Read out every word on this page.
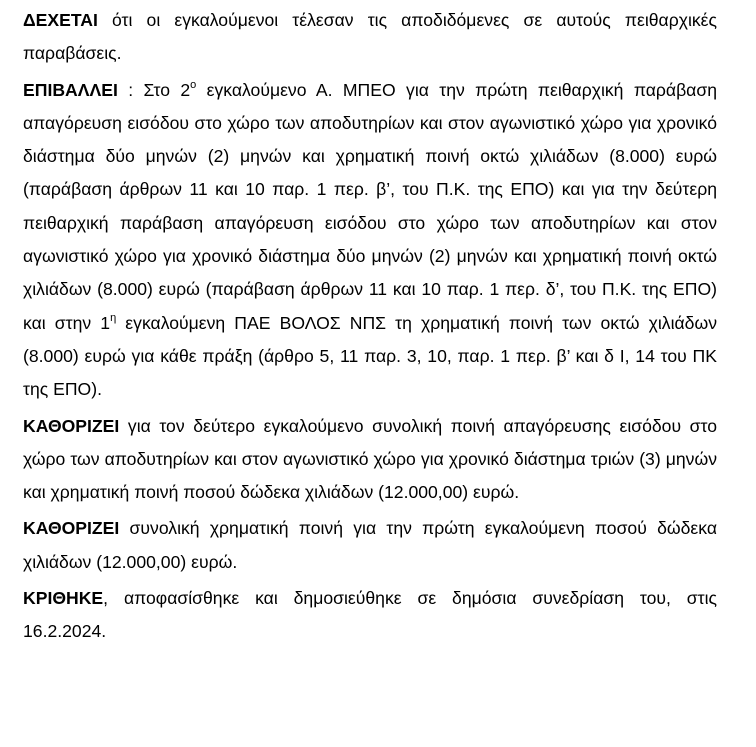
ΔΕΧΕΤΑΙ ότι οι εγκαλούμενοι τέλεσαν τις αποδιδόμενες σε αυτούς πειθαρχικές παραβάσεις.

ΕΠΙΒΑΛΛΕΙ : Στο $2^o$ εγκαλούμενο Α. ΜΠΕΟ για την πρώτη πειθαρχική παράβαση απαγόρευση εισόδου στο χώρο των αποδυτηρίων και στον αγωνιστικό χώρο για χρονικό διάστημα δύο μηνών (2) μηνών και χρηματική ποινή οκτώ χιλιάδων (8.000) ευρώ (παράβαση άρθρων 11 και 10 παρ. 1 περ. β’, του Π.Κ. της ΕΠΟ) και για την δεύτερη πειθαρχική παράβαση απαγόρευση εισόδου στο χώρο των αποδυτηρίων και στον αγωνιστικό χώρο για χρονικό διάστημα δύο μηνών (2) μηνών και χρηματική ποινή οκτώ χιλιάδων (8.000) ευρώ (παράβαση άρθρων 11 και 10 παρ. 1 περ. δ’, του Π.Κ. της ΕΠΟ) και στην $1^\eta$ εγκαλούμενη ΠΑΕ ΒΟΛΟΣ ΝΠΣ τη χρηματική ποινή των οκτώ χιλιάδων (8.000) ευρώ για κάθε πράξη (άρθρο 5, 11 παρ. 3, 10, παρ. 1 περ. β’ και δ Ι, 14 του ΠΚ της ΕΠΟ).

ΚΑΘΟΡΙΖΕΙ για τον δεύτερο εγκαλούμενο συνολική ποινή απαγόρευσης εισόδου στο χώρο των αποδυτηρίων και στον αγωνιστικό χώρο για χρονικό διάστημα τριών (3) μηνών και χρηματική ποινή ποσού δώδεκα χιλιάδων (12.000,00) ευρώ.

ΚΑΘΟΡΙΖΕΙ συνολική χρηματική ποινή για την πρώτη εγκαλούμενη ποσού δώδεκα χιλιάδων (12.000,00) ευρώ.

ΚΡΙΘΗΚΕ, αποφασίσθηκε και δημοσιεύθηκε σε δημόσια συνεδρίαση του, στις 16.2.2024.
